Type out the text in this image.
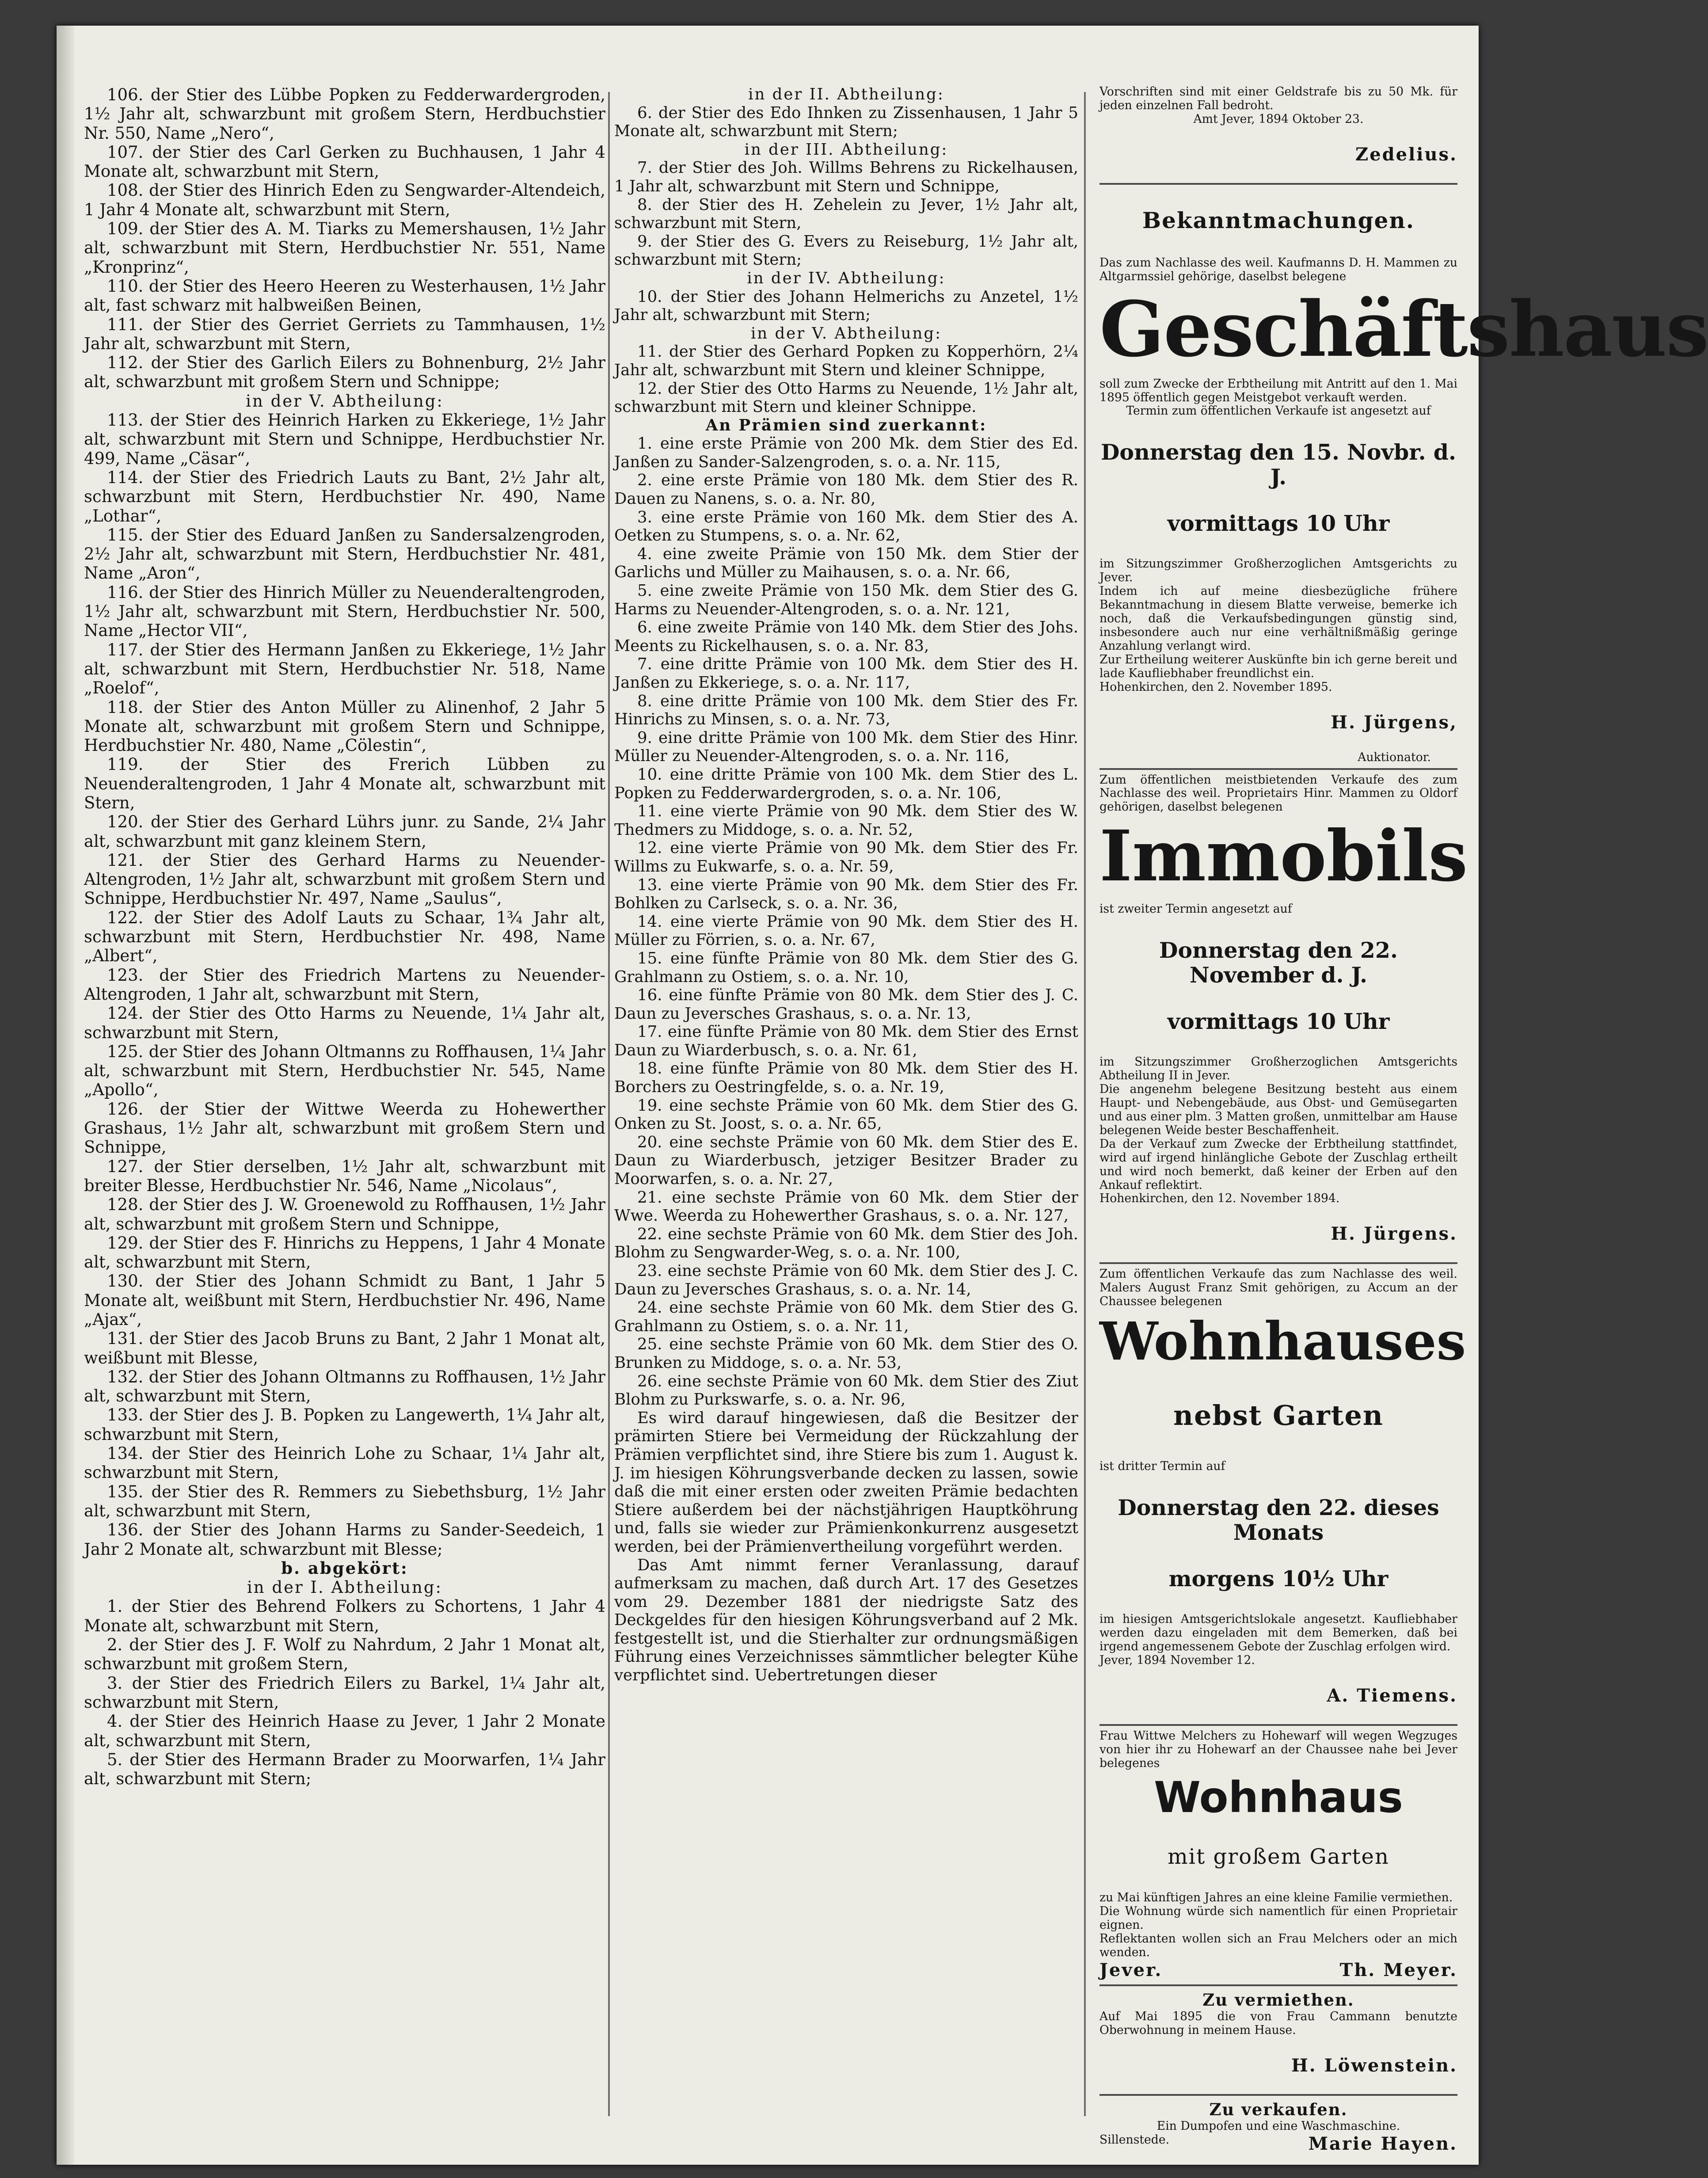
106. der Stier des Lübbe Popken zu Fedderwardergroden, 1½ Jahr alt, schwarzbunt mit großem Stern, Herdbuchstier Nr. 550, Name „Nero“,

107. der Stier des Carl Gerken zu Buchhausen, 1 Jahr 4 Monate alt, schwarzbunt mit Stern,

108. der Stier des Hinrich Eden zu Sengwarder-Altendeich, 1 Jahr 4 Monate alt, schwarzbunt mit Stern,

109. der Stier des A. M. Tiarks zu Memershausen, 1½ Jahr alt, schwarzbunt mit Stern, Herdbuchstier Nr. 551, Name „Kronprinz“,

110. der Stier des Heero Heeren zu Westerhausen, 1½ Jahr alt, fast schwarz mit halbweißen Beinen,

111. der Stier des Gerriet Gerriets zu Tammhausen, 1½ Jahr alt, schwarzbunt mit Stern,

112. der Stier des Garlich Eilers zu Bohnenburg, 2½ Jahr alt, schwarzbunt mit großem Stern und Schnippe;

in der V. Abtheilung:

113. der Stier des Heinrich Harken zu Ekkeriege, 1½ Jahr alt, schwarzbunt mit Stern und Schnippe, Herdbuchstier Nr. 499, Name „Cäsar“,

114. der Stier des Friedrich Lauts zu Bant, 2½ Jahr alt, schwarzbunt mit Stern, Herdbuchstier Nr. 490, Name „Lothar“,

115. der Stier des Eduard Janßen zu Sandersalzengroden, 2½ Jahr alt, schwarzbunt mit Stern, Herdbuchstier Nr. 481, Name „Aron“,

116. der Stier des Hinrich Müller zu Neuenderaltengroden, 1½ Jahr alt, schwarzbunt mit Stern, Herdbuchstier Nr. 500, Name „Hector VII“,

117. der Stier des Hermann Janßen zu Ekkeriege, 1½ Jahr alt, schwarzbunt mit Stern, Herdbuchstier Nr. 518, Name „Roelof“,

118. der Stier des Anton Müller zu Alinenhof, 2 Jahr 5 Monate alt, schwarzbunt mit großem Stern und Schnippe, Herdbuchstier Nr. 480, Name „Cölestin“,

119. der Stier des Frerich Lübben zu Neuenderaltengroden, 1 Jahr 4 Monate alt, schwarzbunt mit Stern,

120. der Stier des Gerhard Lührs junr. zu Sande, 2¼ Jahr alt, schwarzbunt mit ganz kleinem Stern,

121. der Stier des Gerhard Harms zu Neuender-Altengroden, 1½ Jahr alt, schwarzbunt mit großem Stern und Schnippe, Herdbuchstier Nr. 497, Name „Saulus“,

122. der Stier des Adolf Lauts zu Schaar, 1¾ Jahr alt, schwarzbunt mit Stern, Herdbuchstier Nr. 498, Name „Albert“,

123. der Stier des Friedrich Martens zu Neuender-Altengroden, 1 Jahr alt, schwarzbunt mit Stern,

124. der Stier des Otto Harms zu Neuende, 1¼ Jahr alt, schwarzbunt mit Stern,

125. der Stier des Johann Oltmanns zu Roffhausen, 1¼ Jahr alt, schwarzbunt mit Stern, Herdbuchstier Nr. 545, Name „Apollo“,

126. der Stier der Wittwe Weerda zu Hohewerther Grashaus, 1½ Jahr alt, schwarzbunt mit großem Stern und Schnippe,

127. der Stier derselben, 1½ Jahr alt, schwarzbunt mit breiter Blesse, Herdbuchstier Nr. 546, Name „Nicolaus“,

128. der Stier des J. W. Groenewold zu Roffhausen, 1½ Jahr alt, schwarzbunt mit großem Stern und Schnippe,

129. der Stier des F. Hinrichs zu Heppens, 1 Jahr 4 Monate alt, schwarzbunt mit Stern,

130. der Stier des Johann Schmidt zu Bant, 1 Jahr 5 Monate alt, weißbunt mit Stern, Herdbuchstier Nr. 496, Name „Ajax“,

131. der Stier des Jacob Bruns zu Bant, 2 Jahr 1 Monat alt, weißbunt mit Blesse,

132. der Stier des Johann Oltmanns zu Roffhausen, 1½ Jahr alt, schwarzbunt mit Stern,

133. der Stier des J. B. Popken zu Langewerth, 1¼ Jahr alt, schwarzbunt mit Stern,

134. der Stier des Heinrich Lohe zu Schaar, 1¼ Jahr alt, schwarzbunt mit Stern,

135. der Stier des R. Remmers zu Siebethsburg, 1½ Jahr alt, schwarzbunt mit Stern,

136. der Stier des Johann Harms zu Sander-Seedeich, 1 Jahr 2 Monate alt, schwarzbunt mit Blesse;

b. abgekört:

in der I. Abtheilung:

1. der Stier des Behrend Folkers zu Schortens, 1 Jahr 4 Monate alt, schwarzbunt mit Stern,

2. der Stier des J. F. Wolf zu Nahrdum, 2 Jahr 1 Monat alt, schwarzbunt mit großem Stern,

3. der Stier des Friedrich Eilers zu Barkel, 1¼ Jahr alt, schwarzbunt mit Stern,

4. der Stier des Heinrich Haase zu Jever, 1 Jahr 2 Monate alt, schwarzbunt mit Stern,

5. der Stier des Hermann Brader zu Moorwarfen, 1¼ Jahr alt, schwarzbunt mit Stern;

in der II. Abtheilung:

6. der Stier des Edo Ihnken zu Zissenhausen, 1 Jahr 5 Monate alt, schwarzbunt mit Stern;

in der III. Abtheilung:

7. der Stier des Joh. Willms Behrens zu Rickelhausen, 1 Jahr alt, schwarzbunt mit Stern und Schnippe,

8. der Stier des H. Zehelein zu Jever, 1½ Jahr alt, schwarzbunt mit Stern,

9. der Stier des G. Evers zu Reiseburg, 1½ Jahr alt, schwarzbunt mit Stern;

in der IV. Abtheilung:

10. der Stier des Johann Helmerichs zu Anzetel, 1½ Jahr alt, schwarzbunt mit Stern;

in der V. Abtheilung:

11. der Stier des Gerhard Popken zu Kopperhörn, 2¼ Jahr alt, schwarzbunt mit Stern und kleiner Schnippe,

12. der Stier des Otto Harms zu Neuende, 1½ Jahr alt, schwarzbunt mit Stern und kleiner Schnippe.

An Prämien sind zuerkannt:

1. eine erste Prämie von 200 Mk. dem Stier des Ed. Janßen zu Sander-Salzengroden, s. o. a. Nr. 115,

2. eine erste Prämie von 180 Mk. dem Stier des R. Dauen zu Nanens, s. o. a. Nr. 80,

3. eine erste Prämie von 160 Mk. dem Stier des A. Oetken zu Stumpens, s. o. a. Nr. 62,

4. eine zweite Prämie von 150 Mk. dem Stier der Garlichs und Müller zu Maihausen, s. o. a. Nr. 66,

5. eine zweite Prämie von 150 Mk. dem Stier des G. Harms zu Neuender-Altengroden, s. o. a. Nr. 121,

6. eine zweite Prämie von 140 Mk. dem Stier des Johs. Meents zu Rickelhausen, s. o. a. Nr. 83,

7. eine dritte Prämie von 100 Mk. dem Stier des H. Janßen zu Ekkeriege, s. o. a. Nr. 117,

8. eine dritte Prämie von 100 Mk. dem Stier des Fr. Hinrichs zu Minsen, s. o. a. Nr. 73,

9. eine dritte Prämie von 100 Mk. dem Stier des Hinr. Müller zu Neuender-Altengroden, s. o. a. Nr. 116,

10. eine dritte Prämie von 100 Mk. dem Stier des L. Popken zu Fedderwardergroden, s. o. a. Nr. 106,

11. eine vierte Prämie von 90 Mk. dem Stier des W. Thedmers zu Middoge, s. o. a. Nr. 52,

12. eine vierte Prämie von 90 Mk. dem Stier des Fr. Willms zu Eukwarfe, s. o. a. Nr. 59,

13. eine vierte Prämie von 90 Mk. dem Stier des Fr. Bohlken zu Carlseck, s. o. a. Nr. 36,

14. eine vierte Prämie von 90 Mk. dem Stier des H. Müller zu Förrien, s. o. a. Nr. 67,

15. eine fünfte Prämie von 80 Mk. dem Stier des G. Grahlmann zu Ostiem, s. o. a. Nr. 10,

16. eine fünfte Prämie von 80 Mk. dem Stier des J. C. Daun zu Jeversches Grashaus, s. o. a. Nr. 13,

17. eine fünfte Prämie von 80 Mk. dem Stier des Ernst Daun zu Wiarderbusch, s. o. a. Nr. 61,

18. eine fünfte Prämie von 80 Mk. dem Stier des H. Borchers zu Oestringfelde, s. o. a. Nr. 19,

19. eine sechste Prämie von 60 Mk. dem Stier des G. Onken zu St. Joost, s. o. a. Nr. 65,

20. eine sechste Prämie von 60 Mk. dem Stier des E. Daun zu Wiarderbusch, jetziger Besitzer Brader zu Moorwarfen, s. o. a. Nr. 27,

21. eine sechste Prämie von 60 Mk. dem Stier der Wwe. Weerda zu Hohewerther Grashaus, s. o. a. Nr. 127,

22. eine sechste Prämie von 60 Mk. dem Stier des Joh. Blohm zu Sengwarder-Weg, s. o. a. Nr. 100,

23. eine sechste Prämie von 60 Mk. dem Stier des J. C. Daun zu Jeversches Grashaus, s. o. a. Nr. 14,

24. eine sechste Prämie von 60 Mk. dem Stier des G. Grahlmann zu Ostiem, s. o. a. Nr. 11,

25. eine sechste Prämie von 60 Mk. dem Stier des O. Brunken zu Middoge, s. o. a. Nr. 53,

26. eine sechste Prämie von 60 Mk. dem Stier des Ziut Blohm zu Purkswarfe, s. o. a. Nr. 96,

Es wird darauf hingewiesen, daß die Besitzer der prämirten Stiere bei Vermeidung der Rückzahlung der Prämien verpflichtet sind, ihre Stiere bis zum 1. August k. J. im hiesigen Köhrungsverbande decken zu lassen, sowie daß die mit einer ersten oder zweiten Prämie bedachten Stiere außerdem bei der nächstjährigen Hauptköhrung und, falls sie wieder zur Prämienkonkurrenz ausgesetzt werden, bei der Prämienvertheilung vorgeführt werden.

Das Amt nimmt ferner Veranlassung, darauf aufmerksam zu machen, daß durch Art. 17 des Gesetzes vom 29. Dezember 1881 der niedrigste Satz des Deckgeldes für den hiesigen Köhrungsverband auf 2 Mk. festgestellt ist, und die Stierhalter zur ordnungsmäßigen Führung eines Verzeichnisses sämmtlicher belegter Kühe verpflichtet sind. Uebertretungen dieser

Vorschriften sind mit einer Geldstrafe bis zu 50 Mk. für jeden einzelnen Fall bedroht.

Amt Jever, 1894 Oktober 23.

Zedelius.

Bekanntmachungen.

Das zum Nachlasse des weil. Kaufmanns D. H. Mammen zu Altgarmssiel gehörige, daselbst belegene

Geschäftshaus

soll zum Zwecke der Erbtheilung mit Antritt auf den 1. Mai 1895 öffentlich gegen Meistgebot verkauft werden.

Termin zum öffentlichen Verkaufe ist angesetzt auf

Donnerstag den 15. Novbr. d. J.

vormittags 10 Uhr

im Sitzungszimmer Großherzoglichen Amtsgerichts zu Jever.

Indem ich auf meine diesbezügliche frühere Bekanntmachung in diesem Blatte verweise, bemerke ich noch, daß die Verkaufsbedingungen günstig sind, insbesondere auch nur eine verhältnißmäßig geringe Anzahlung verlangt wird.

Zur Ertheilung weiterer Auskünfte bin ich gerne bereit und lade Kaufliebhaber freundlichst ein.

Hohenkirchen, den 2. November 1895.

H. Jürgens,

Auktionator.

Zum öffentlichen meistbietenden Verkaufe des zum Nachlasse des weil. Proprietairs Hinr. Mammen zu Oldorf gehörigen, daselbst belegenen

Immobils

ist zweiter Termin angesetzt auf

Donnerstag den 22. November d. J.

vormittags 10 Uhr

im Sitzungszimmer Großherzoglichen Amtsgerichts Abtheilung II in Jever.

Die angenehm belegene Besitzung besteht aus einem Haupt- und Nebengebäude, aus Obst- und Gemüsegarten und aus einer plm. 3 Matten großen, unmittelbar am Hause belegenen Weide bester Beschaffenheit.

Da der Verkauf zum Zwecke der Erbtheilung stattfindet, wird auf irgend hinlängliche Gebote der Zuschlag ertheilt und wird noch bemerkt, daß keiner der Erben auf den Ankauf reflektirt.

Hohenkirchen, den 12. November 1894.

H. Jürgens.

Zum öffentlichen Verkaufe das zum Nachlasse des weil. Malers August Franz Smit gehörigen, zu Accum an der Chaussee belegenen

Wohnhauses

nebst Garten

ist dritter Termin auf

Donnerstag den 22. dieses Monats

morgens 10½ Uhr

im hiesigen Amtsgerichtslokale angesetzt. Kaufliebhaber werden dazu eingeladen mit dem Bemerken, daß bei irgend angemessenem Gebote der Zuschlag erfolgen wird.

Jever, 1894 November 12.

A. Tiemens.

Frau Wittwe Melchers zu Hohewarf will wegen Wegzuges von hier ihr zu Hohewarf an der Chaussee nahe bei Jever belegenes

Wohnhaus

mit großem Garten

zu Mai künftigen Jahres an eine kleine Familie vermiethen.

Die Wohnung würde sich namentlich für einen Proprietair eignen.

Reflektanten wollen sich an Frau Melchers oder an mich wenden.

Jever.	Th. Meyer.

Zu vermiethen.

Auf Mai 1895 die von Frau Cammann benutzte Oberwohnung in meinem Hause.

H. Löwenstein.

Zu verkaufen.

Ein Dumpofen und eine Waschmaschine.

Sillenstede.	Marie Hayen.
